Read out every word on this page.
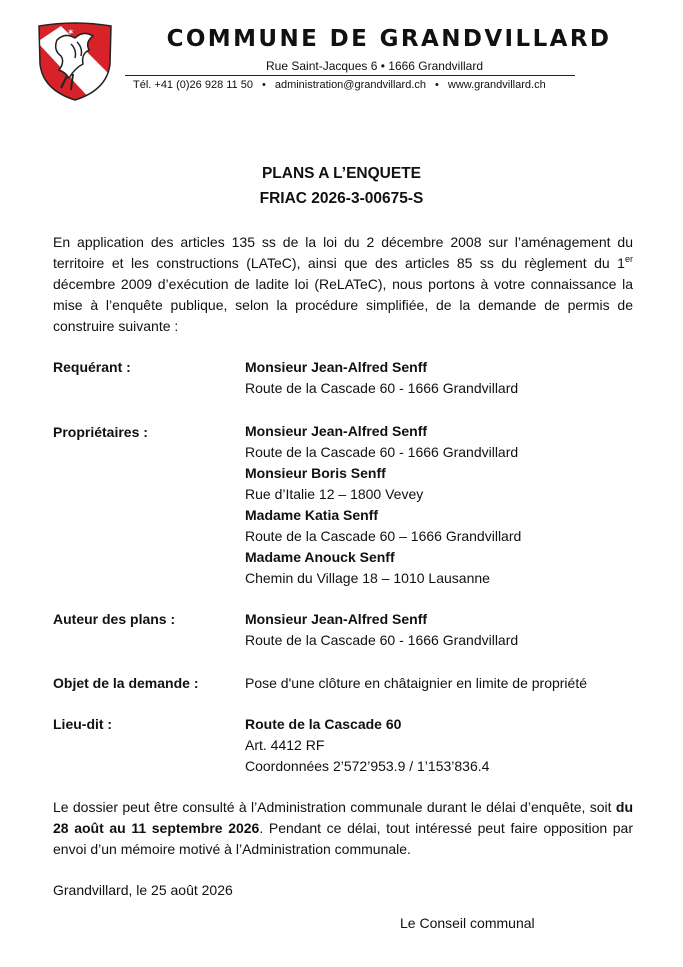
✶	COMMUNE DE GRANDVILLARD
Rue Saint-Jacques 6 • 1666 Grandvillard
Tél. +41 (0)26 928 11 50 • administration@grandvillard.ch • www.grandvillard.ch
PLANS A L’ENQUETE
FRIAC 2026-3-00675-S

En application des articles 135 ss de la loi du 2 décembre 2008 sur l’aménagement du territoire et les constructions (LATeC), ainsi que des articles 85 ss du règlement du 1er décembre 2009 d’exécution de ladite loi (ReLATeC), nous portons à votre connaissance la mise à l’enquête publique, selon la procédure simplifiée, de la demande de permis de construire suivante :

Requérant :	Monsieur Jean-Alfred Senff
Route de la Cascade 60 - 1666 Grandvillard
Propriétaires :	Monsieur Jean-Alfred Senff
Route de la Cascade 60 - 1666 Grandvillard
Monsieur Boris Senff
Rue d’Italie 12 – 1800 Vevey
Madame Katia Senff
Route de la Cascade 60 – 1666 Grandvillard
Madame Anouck Senff
Chemin du Village 18 – 1010 Lausanne
Auteur des plans :	Monsieur Jean-Alfred Senff
Route de la Cascade 60 - 1666 Grandvillard
Objet de la demande :	Pose d'une clôture en châtaignier en limite de propriété
Lieu-dit :	Route de la Cascade 60
Art. 4412 RF
Coordonnées 2’572’953.9 / 1’153’836.4

Le dossier peut être consulté à l’Administration communale durant le délai d’enquête, soit du 28 août au 11 septembre 2026. Pendant ce délai, tout intéressé peut faire opposition par envoi d’un mémoire motivé à l’Administration communale.

Grandvillard, le 25 août 2026
Le Conseil communal
